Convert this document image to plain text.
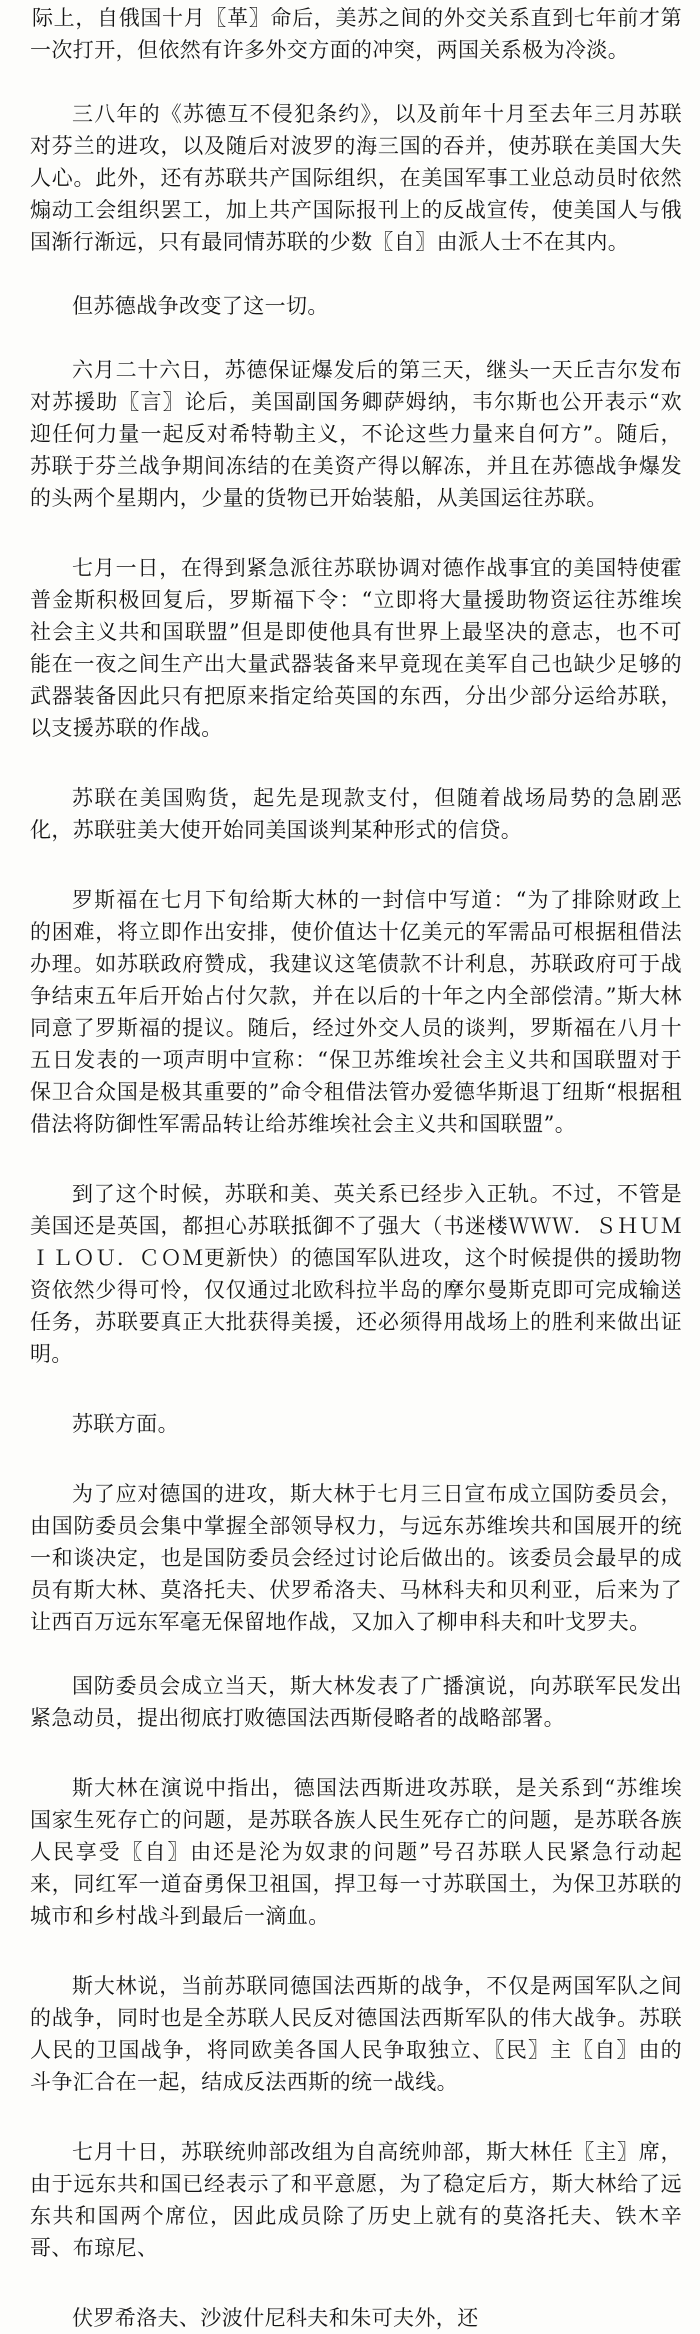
际上，自俄国十月〖革〗命后，美苏之间的外交关系直到七年前才第一次打开，但依然有许多外交方面的冲突，两国关系极为冷淡。

三八年的《苏德互不侵犯条约》，以及前年十月至去年三月苏联对芬兰的进攻，以及随后对波罗的海三国的吞并，使苏联在美国大失人心。此外，还有苏联共产国际组织，在美国军事工业总动员时依然煽动工会组织罢工，加上共产国际报刊上的反战宣传，使美国人与俄国渐行渐远，只有最同情苏联的少数〖自〗由派人士不在其内。

但苏德战争改变了这一切。

六月二十六日，苏德保证爆发后的第三天，继头一天丘吉尔发布对苏援助〖言〗论后，美国副国务卿萨姆纳，韦尔斯也公开表示“欢迎任何力量一起反对希特勒主义，不论这些力量来自何方”。随后，苏联于芬兰战争期间冻结的在美资产得以解冻，并且在苏德战争爆发的头两个星期内，少量的货物已开始装船，从美国运往苏联。

七月一日，在得到紧急派往苏联协调对德作战事宜的美国特使霍普金斯积极回复后，罗斯福下令：“立即将大量援助物资运往苏维埃社会主义共和国联盟”但是即使他具有世界上最坚决的意志，也不可能在一夜之间生产出大量武器装备来早竟现在美军自己也缺少足够的武器装备因此只有把原来指定给英国的东西，分出少部分运给苏联，以支援苏联的作战。

苏联在美国购货，起先是现款支付，但随着战场局势的急剧恶化，苏联驻美大使开始同美国谈判某种形式的信贷。

罗斯福在七月下旬给斯大林的一封信中写道：“为了排除财政上的困难，将立即作出安排，使价值达十亿美元的军需品可根据租借法办理。如苏联政府赞成，我建议这笔债款不计利息，苏联政府可于战争结束五年后开始占付欠款，并在以后的十年之内全部偿清。”斯大林同意了罗斯福的提议。随后，经过外交人员的谈判，罗斯福在八月十五日发表的一项声明中宣称：“保卫苏维埃社会主义共和国联盟对于保卫合众国是极其重要的”命令租借法管办爱德华斯退丁纽斯“根据租借法将防御性军需品转让给苏维埃社会主义共和国联盟”。

到了这个时候，苏联和美、英关系已经步入正轨。不过，不管是美国还是英国，都担心苏联抵御不了强大（书迷楼ＷＷＷ．ＳＨＵＭＩＬＯＵ．ＣＯＭ更新快）的德国军队进攻，这个时候提供的援助物资依然少得可怜，仅仅通过北欧科拉半岛的摩尔曼斯克即可完成输送任务，苏联要真正大批获得美援，还必须得用战场上的胜利来做出证明。

苏联方面。

为了应对德国的进攻，斯大林于七月三日宣布成立国防委员会，由国防委员会集中掌握全部领导权力，与远东苏维埃共和国展开的统一和谈决定，也是国防委员会经过讨论后做出的。该委员会最早的成员有斯大林、莫洛托夫、伏罗希洛夫、马林科夫和贝利亚，后来为了让西百万远东军毫无保留地作战，又加入了柳申科夫和叶戈罗夫。

国防委员会成立当天，斯大林发表了广播演说，向苏联军民发出紧急动员，提出彻底打败德国法西斯侵略者的战略部署。

斯大林在演说中指出，德国法西斯进攻苏联，是关系到“苏维埃国家生死存亡的问题，是苏联各族人民生死存亡的问题，是苏联各族人民享受〖自〗由还是沦为奴隶的问题”号召苏联人民紧急行动起来，同红军一道奋勇保卫祖国，捍卫每一寸苏联国土，为保卫苏联的城市和乡村战斗到最后一滴血。

斯大林说，当前苏联同德国法西斯的战争，不仅是两国军队之间的战争，同时也是全苏联人民反对德国法西斯军队的伟大战争。苏联人民的卫国战争，将同欧美各国人民争取独立、〖民〗主〖自〗由的斗争汇合在一起，结成反法西斯的统一战线。

七月十日，苏联统帅部改组为自高统帅部，斯大林任〖主〗席，由于远东共和国已经表示了和平意愿，为了稳定后方，斯大林给了远东共和国两个席位，因此成员除了历史上就有的莫洛托夫、铁木辛哥、布琼尼、

伏罗希洛夫、沙波什尼科夫和朱可夫外，还
